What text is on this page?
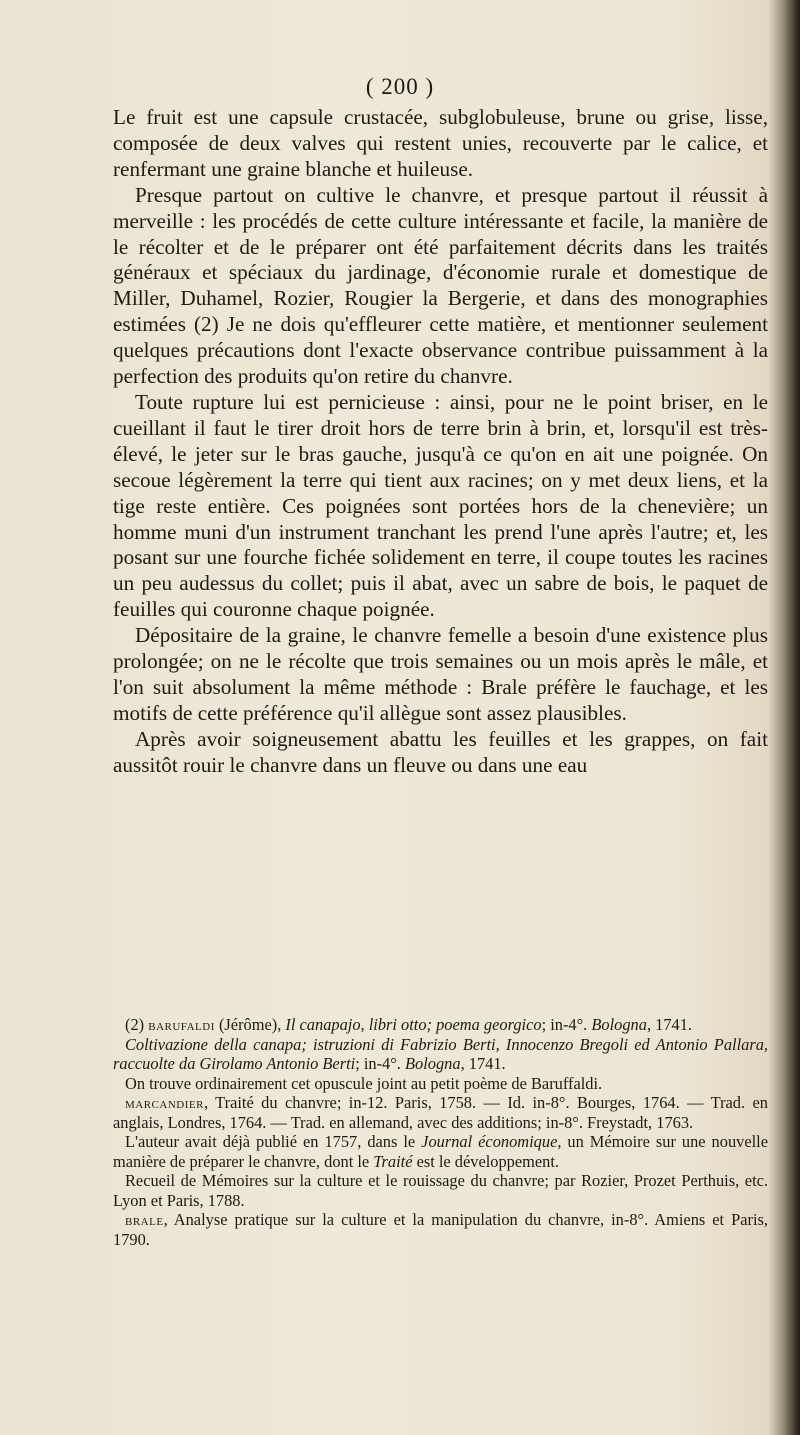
( 200 )

Le fruit est une capsule crustacée, subglobuleuse, brune ou grise, lisse, composée de deux valves qui restent unies, recouverte par le calice, et renfermant une graine blanche et huileuse.

Presque partout on cultive le chanvre, et presque partout il réussit à merveille : les procédés de cette culture intéressante et facile, la manière de le récolter et de le préparer ont été parfaitement décrits dans les traités généraux et spéciaux du jardinage, d'économie rurale et domestique de Miller, Duhamel, Rozier, Rougier la Bergerie, et dans des monographies estimées (2) Je ne dois qu'effleurer cette matière, et mentionner seulement quelques précautions dont l'exacte observance contribue puissamment à la perfection des produits qu'on retire du chanvre.

Toute rupture lui est pernicieuse : ainsi, pour ne le point briser, en le cueillant il faut le tirer droit hors de terre brin à brin, et, lorsqu'il est très-élevé, le jeter sur le bras gauche, jusqu'à ce qu'on en ait une poignée. On secoue légèrement la terre qui tient aux racines; on y met deux liens, et la tige reste entière. Ces poignées sont portées hors de la chenevière; un homme muni d'un instrument tranchant les prend l'une après l'autre; et, les posant sur une fourche fichée solidement en terre, il coupe toutes les racines un peu audessus du collet; puis il abat, avec un sabre de bois, le paquet de feuilles qui couronne chaque poignée.

Dépositaire de la graine, le chanvre femelle a besoin d'une existence plus prolongée; on ne le récolte que trois semaines ou un mois après le mâle, et l'on suit absolument la même méthode : Brale préfère le fauchage, et les motifs de cette préférence qu'il allègue sont assez plausibles.

Après avoir soigneusement abattu les feuilles et les grappes, on fait aussitôt rouir le chanvre dans un fleuve ou dans une eau

(2) barufaldi (Jérôme), Il canapajo, libri otto; poema georgico; in-4°. Bologna, 1741.

Coltivazione della canapa; istruzioni di Fabrizio Berti, Innocenzo Bregoli ed Antonio Pallara, raccuolte da Girolamo Antonio Berti; in-4°. Bologna, 1741.

On trouve ordinairement cet opuscule joint au petit poème de Baruffaldi.

marcandier, Traité du chanvre; in-12. Paris, 1758. — Id. in-8°. Bourges, 1764. — Trad. en anglais, Londres, 1764. — Trad. en allemand, avec des additions; in-8°. Freystadt, 1763.

L'auteur avait déjà publié en 1757, dans le Journal économique, un Mémoire sur une nouvelle manière de préparer le chanvre, dont le Traité est le développement.

Recueil de Mémoires sur la culture et le rouissage du chanvre; par Rozier, Prozet Perthuis, etc. Lyon et Paris, 1788.

brale, Analyse pratique sur la culture et la manipulation du chanvre, in-8°. Amiens et Paris, 1790.
